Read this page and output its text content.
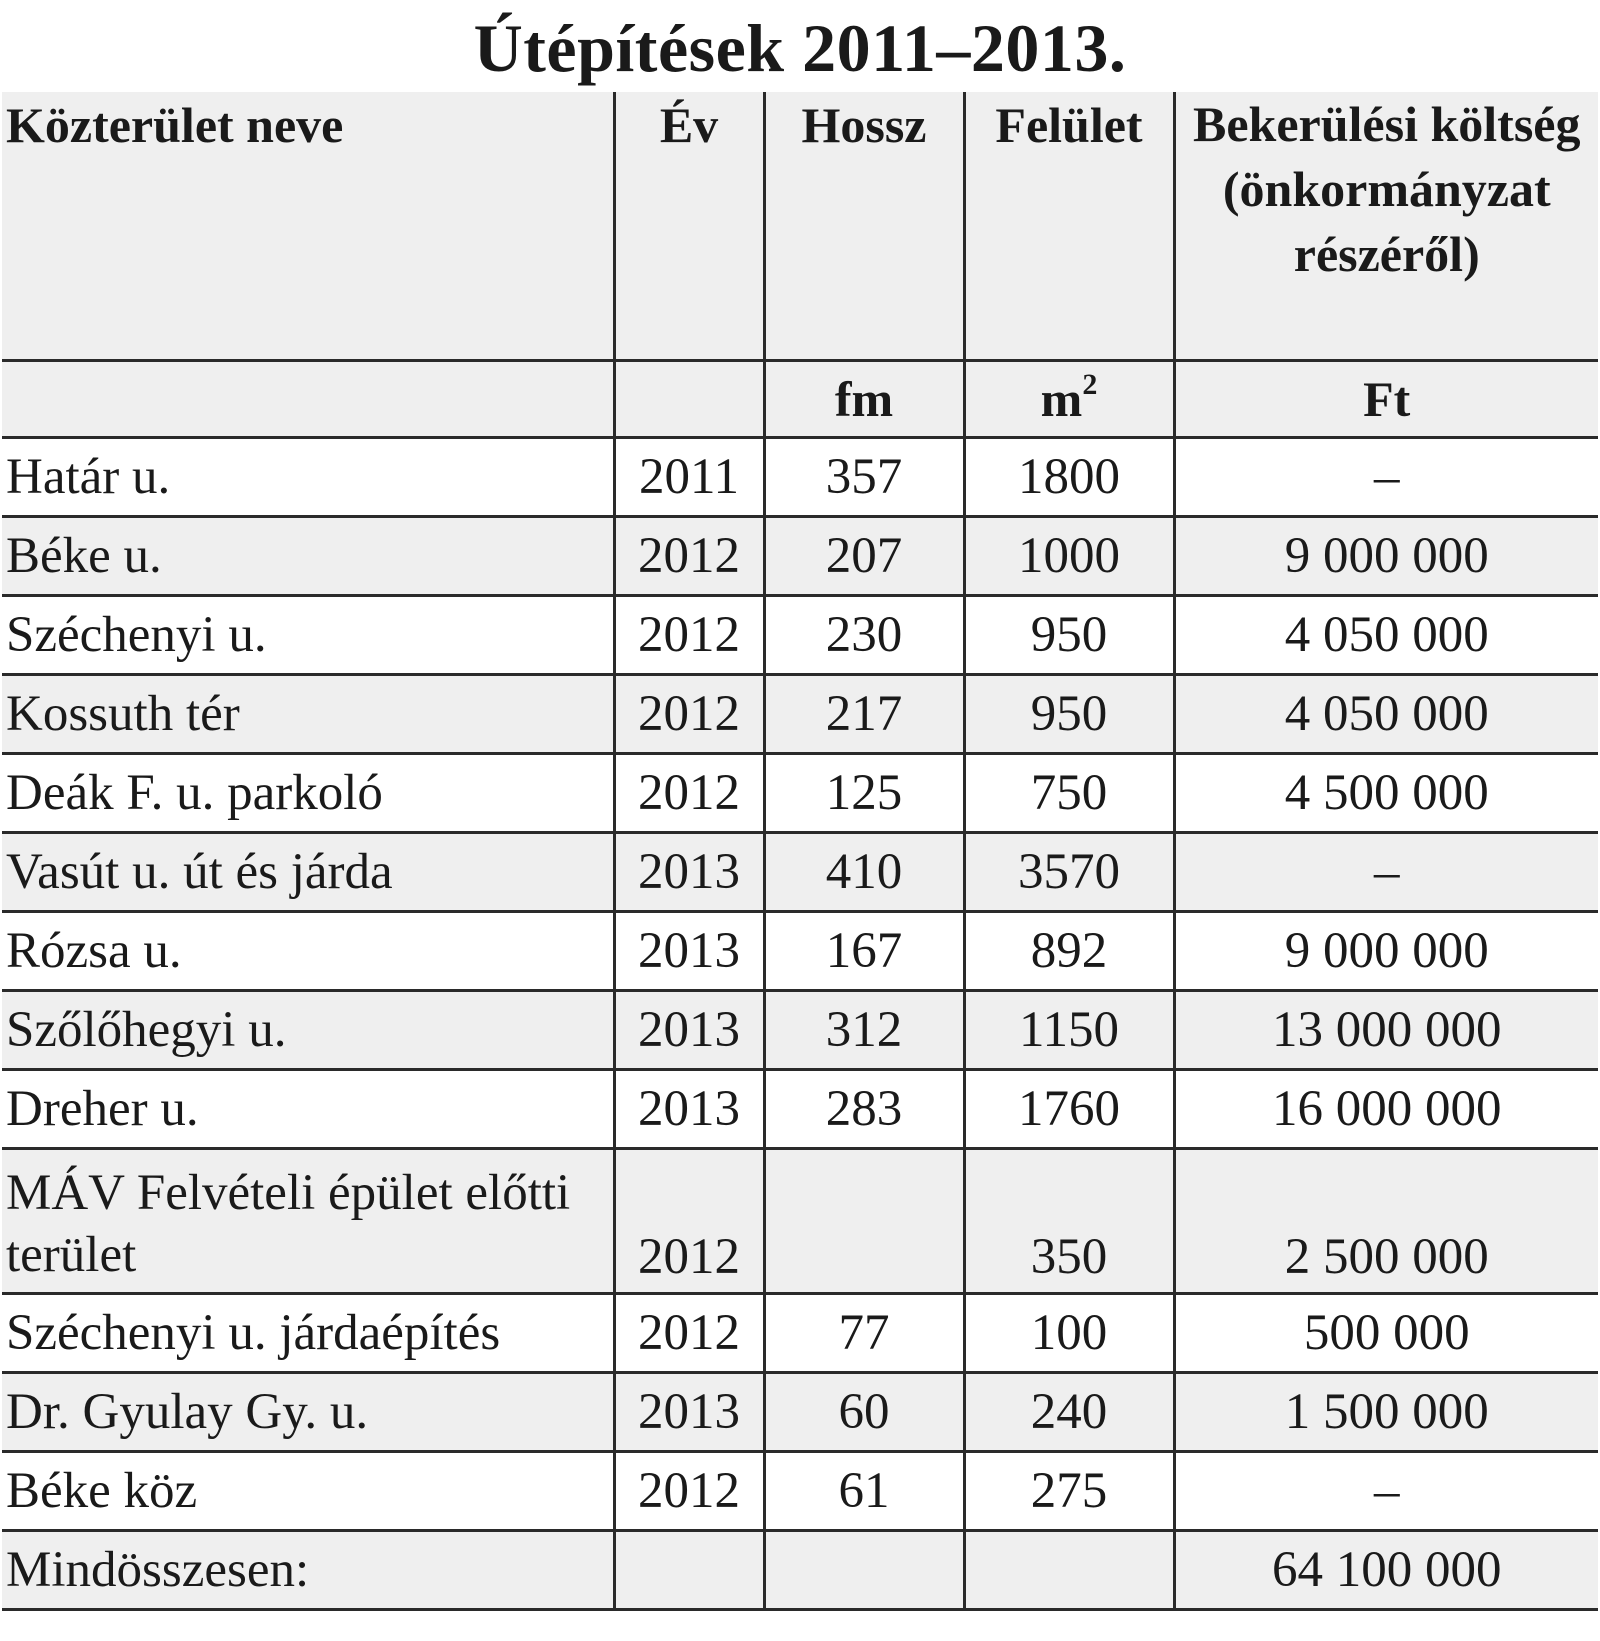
Útépítések 2011–2013.
Közterület neve	Év	Hossz	Felület	Bekerülési költség (önkormányzat részéről)
		fm	$m^2$	Ft
Határ u.	2011	357	1800	–
Béke u.	2012	207	1000	9 000 000
Széchenyi u.	2012	230	950	4 050 000
Kossuth tér	2012	217	950	4 050 000
Deák F. u. parkoló	2012	125	750	4 500 000
Vasút u. út és járda	2013	410	3570	–
Rózsa u.	2013	167	892	9 000 000
Szőlőhegyi u.	2013	312	1150	13 000 000
Dreher u.	2013	283	1760	16 000 000
MÁV Felvételi épület előtti terület	2012		350	2 500 000
Széchenyi u. járdaépítés	2012	77	100	500 000
Dr. Gyulay Gy. u.	2013	60	240	1 500 000
Béke köz	2012	61	275	–
Mindösszesen:				64 100 000
